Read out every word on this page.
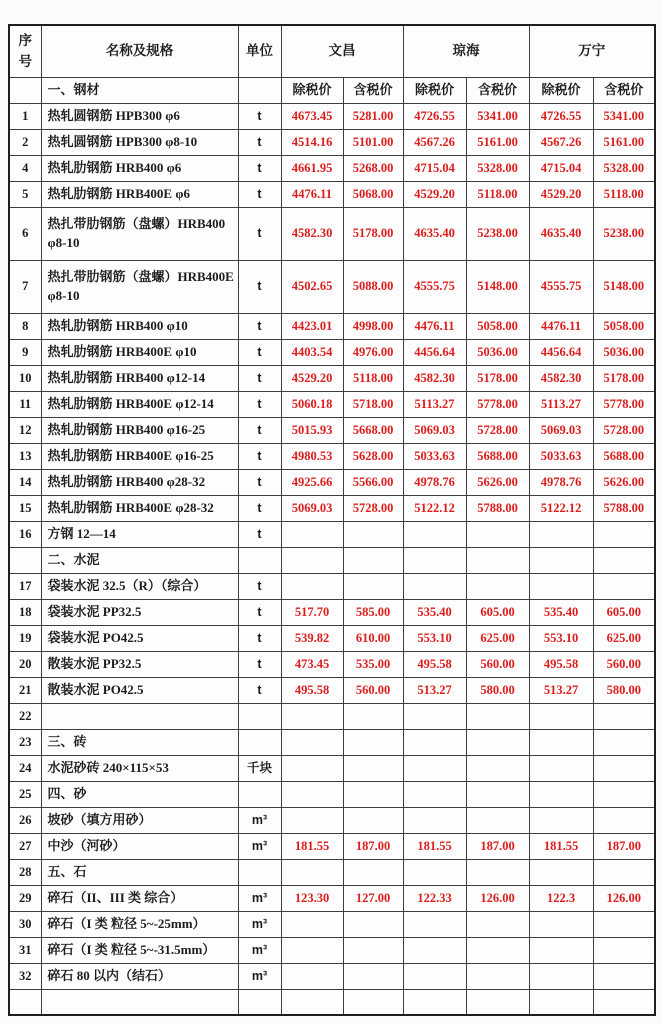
序号	名称及规格	单位	文昌		琼海		万宁	
	一、钢材		除税价	含税价	除税价	含税价	除税价	含税价
1	热轧圆钢筋 HPB300 φ6	t	4673.45	5281.00	4726.55	5341.00	4726.55	5341.00
2	热轧圆钢筋 HPB300 φ8-10	t	4514.16	5101.00	4567.26	5161.00	4567.26	5161.00
4	热轧肋钢筋 HRB400 φ6	t	4661.95	5268.00	4715.04	5328.00	4715.04	5328.00
5	热轧肋钢筋 HRB400E φ6	t	4476.11	5068.00	4529.20	5118.00	4529.20	5118.00
6	热扎带肋钢筋（盘螺）HRB400 φ8-10	t	4582.30	5178.00	4635.40	5238.00	4635.40	5238.00
7	热扎带肋钢筋（盘螺）HRB400E φ8-10	t	4502.65	5088.00	4555.75	5148.00	4555.75	5148.00
8	热轧肋钢筋 HRB400 φ10	t	4423.01	4998.00	4476.11	5058.00	4476.11	5058.00
9	热轧肋钢筋 HRB400E φ10	t	4403.54	4976.00	4456.64	5036.00	4456.64	5036.00
10	热轧肋钢筋 HRB400 φ12-14	t	4529.20	5118.00	4582.30	5178.00	4582.30	5178.00
11	热轧肋钢筋 HRB400E φ12-14	t	5060.18	5718.00	5113.27	5778.00	5113.27	5778.00
12	热轧肋钢筋 HRB400 φ16-25	t	5015.93	5668.00	5069.03	5728.00	5069.03	5728.00
13	热轧肋钢筋 HRB400E φ16-25	t	4980.53	5628.00	5033.63	5688.00	5033.63	5688.00
14	热轧肋钢筋 HRB400 φ28-32	t	4925.66	5566.00	4978.76	5626.00	4978.76	5626.00
15	热轧肋钢筋 HRB400E φ28-32	t	5069.03	5728.00	5122.12	5788.00	5122.12	5788.00
16	方钢 12—14	t						
	二、水泥							
17	袋装水泥 32.5（R）（综合）	t						
18	袋装水泥 PP32.5	t	517.70	585.00	535.40	605.00	535.40	605.00
19	袋装水泥 PO42.5	t	539.82	610.00	553.10	625.00	553.10	625.00
20	散装水泥 PP32.5	t	473.45	535.00	495.58	560.00	495.58	560.00
21	散装水泥 PO42.5	t	495.58	560.00	513.27	580.00	513.27	580.00
22								
23	三、砖							
24	水泥砂砖 240×115×53	千块						
25	四、砂							
26	坡砂（填方用砂）	m³						
27	中沙（河砂）	m³	181.55	187.00	181.55	187.00	181.55	187.00
28	五、石							
29	碎石（II、III 类 综合）	m³	123.30	127.00	122.33	126.00	122.3	126.00
30	碎石（I 类 粒径 5~-25mm）	m³						
31	碎石（I 类 粒径 5~-31.5mm）	m³						
32	碎石 80 以内（结石）	m³						
